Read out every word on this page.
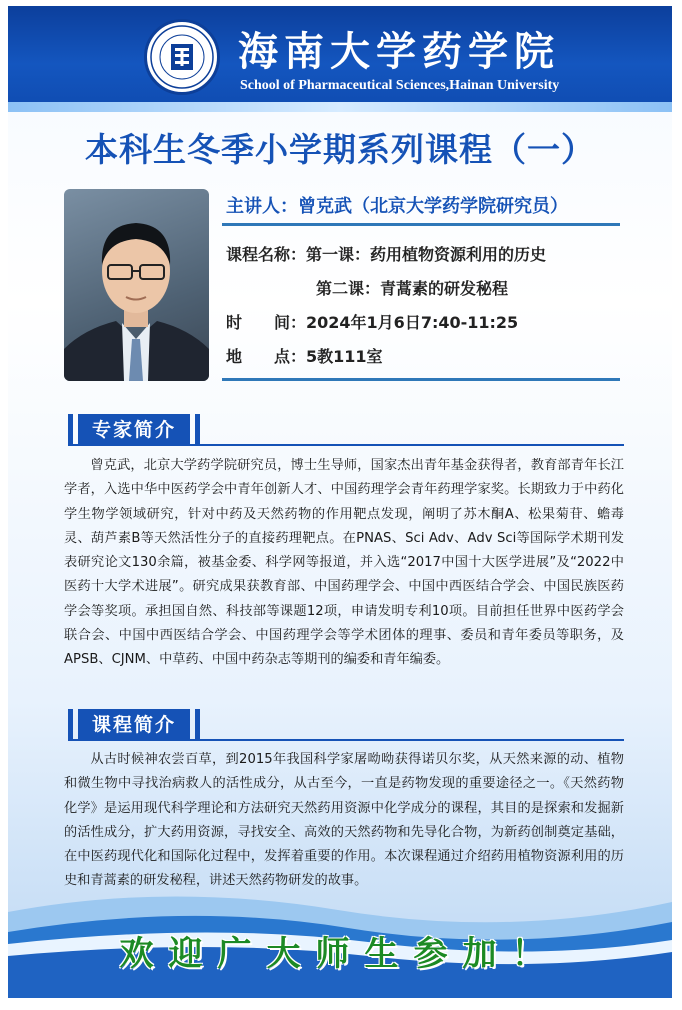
海南大学药学院
School of Pharmaceutical Sciences,Hainan University
本科生冬季小学期系列课程（一）
主讲人：曾克武（北京大学药学院研究员）
课程名称：第一课：药用植物资源利用的历史
第二课：青蒿素的研发秘程
时　　间：2024年1月6日7:40-11:25
地　　点：5教111室
专家简介

曾克武，北京大学药学院研究员，博士生导师，国家杰出青年基金获得者，教育部青年长江学者，入选中华中医药学会中青年创新人才、中国药理学会青年药理学家奖。长期致力于中药化学生物学领域研究，针对中药及天然药物的作用靶点发现，阐明了苏木酮A、松果菊苷、蟾毒灵、葫芦素B等天然活性分子的直接药理靶点。在PNAS、Sci Adv、Adv Sci等国际学术期刊发表研究论文130余篇，被基金委、科学网等报道，并入选“2017中国十大医学进展”及“2022中医药十大学术进展”。研究成果获教育部、中国药理学会、中国中西医结合学会、中国民族医药学会等奖项。承担国自然、科技部等课题12项，申请发明专利10项。目前担任世界中医药学会联合会、中国中西医结合学会、中国药理学会等学术团体的理事、委员和青年委员等职务，及APSB、CJNM、中草药、中国中药杂志等期刊的编委和青年编委。

课程简介

从古时候神农尝百草，到2015年我国科学家屠呦呦获得诺贝尔奖，从天然来源的动、植物和微生物中寻找治病救人的活性成分，从古至今，一直是药物发现的重要途径之一。《天然药物化学》是运用现代科学理论和方法研究天然药用资源中化学成分的课程，其目的是探索和发掘新的活性成分，扩大药用资源，寻找安全、高效的天然药物和先导化合物，为新药创制奠定基础，在中医药现代化和国际化过程中，发挥着重要的作用。本次课程通过介绍药用植物资源利用的历史和青蒿素的研发秘程，讲述天然药物研发的故事。

欢迎广大师生参加！
